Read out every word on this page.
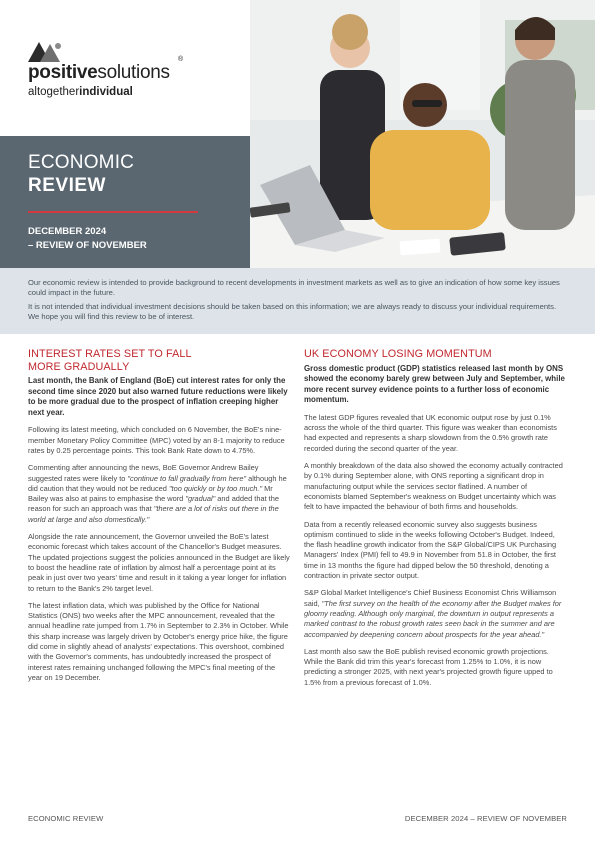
positivesolutions
®
altogetherindividual
ECONOMIC
REVIEW
DECEMBER 2024
– REVIEW OF NOVEMBER

Our economic review is intended to provide background to recent developments in investment markets as well as to give an indication of how some key issues could impact in the future.

It is not intended that individual investment decisions should be taken based on this information; we are always ready to discuss your individual requirements. We hope you will find this review to be of interest.

INTEREST RATES SET TO FALL
MORE GRADUALLY

Last month, the Bank of England (BoE) cut interest rates for only the second time since 2020 but also warned future reductions were likely to be more gradual due to the prospect of inflation creeping higher next year.

Following its latest meeting, which concluded on 6 November, the BoE's nine-member Monetary Policy Committee (MPC) voted by an 8-1 majority to reduce rates by 0.25 percentage points. This took Bank Rate down to 4.75%.

Commenting after announcing the news, BoE Governor Andrew Bailey suggested rates were likely to "continue to fall gradually from here" although he did caution that they would not be reduced "too quickly or by too much." Mr Bailey was also at pains to emphasise the word "gradual" and added that the reason for such an approach was that "there are a lot of risks out there in the world at large and also domestically."

Alongside the rate announcement, the Governor unveiled the BoE's latest economic forecast which takes account of the Chancellor's Budget measures. The updated projections suggest the policies announced in the Budget are likely to boost the headline rate of inflation by almost half a percentage point at its peak in just over two years' time and result in it taking a year longer for inflation to return to the Bank's 2% target level.

The latest inflation data, which was published by the Office for National Statistics (ONS) two weeks after the MPC announcement, revealed that the annual headline rate jumped from 1.7% in September to 2.3% in October. While this sharp increase was largely driven by October's energy price hike, the figure did come in slightly ahead of analysts' expectations. This overshoot, combined with the Governor's comments, has undoubtedly increased the prospect of interest rates remaining unchanged following the MPC's final meeting of the year on 19 December.

UK ECONOMY LOSING MOMENTUM

Gross domestic product (GDP) statistics released last month by ONS showed the economy barely grew between July and September, while more recent survey evidence points to a further loss of economic momentum.

The latest GDP figures revealed that UK economic output rose by just 0.1% across the whole of the third quarter. This figure was weaker than economists had expected and represents a sharp slowdown from the 0.5% growth rate recorded during the second quarter of the year.

A monthly breakdown of the data also showed the economy actually contracted by 0.1% during September alone, with ONS reporting a significant drop in manufacturing output while the services sector flatlined. A number of economists blamed September's weakness on Budget uncertainty which was felt to have impacted the behaviour of both firms and households.

Data from a recently released economic survey also suggests business optimism continued to slide in the weeks following October's Budget. Indeed, the flash headline growth indicator from the S&P Global/CIPS UK Purchasing Managers' Index (PMI) fell to 49.9 in November from 51.8 in October, the first time in 13 months the figure had dipped below the 50 threshold, denoting a contraction in private sector output.

S&P Global Market Intelligence's Chief Business Economist Chris Williamson said, "The first survey on the health of the economy after the Budget makes for gloomy reading. Although only marginal, the downturn in output represents a marked contrast to the robust growth rates seen back in the summer and are accompanied by deepening concern about prospects for the year ahead."

Last month also saw the BoE publish revised economic growth projections. While the Bank did trim this year's forecast from 1.25% to 1.0%, it is now predicting a stronger 2025, with next year's projected growth figure upped to 1.5% from a previous forecast of 1.0%.

ECONOMIC REVIEW	DECEMBER 2024 – REVIEW OF NOVEMBER
